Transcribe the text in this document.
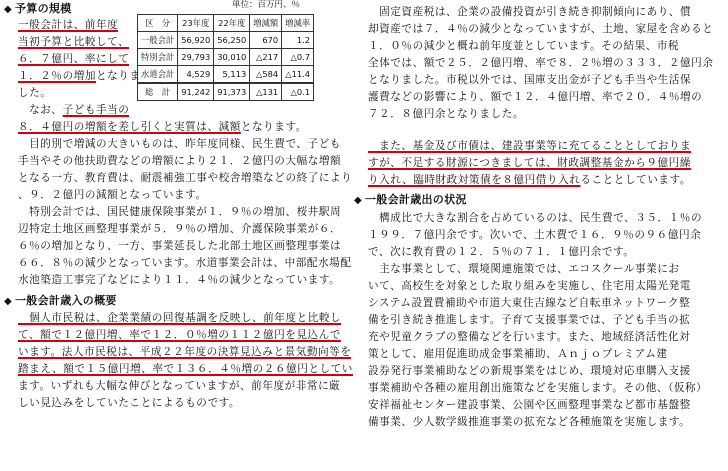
◆ 予算の規模	単位：百万円、％
区　分	23年度	22年度	増減額	増減率
一般会計	56,920	56,250	670	1.2
特別会計	29,793	30,010	△217	△0.7
水道会計	4,529	5,113	△584	△11.4
総　計	91,242	91,373	△131	△0.1
一般会計は、前年度
当初予算と比較して、
６．７億円、率にして
１．２％の増加となりま
した。
　なお、子ども手当の
８．４億円の増額を差し引くと実質は、減額となります。
　目的別で増減の大きいものは、昨年度同様、民生費で、子ども
手当やその他扶助費などの増額により２１．２億円の大幅な増額
となる一方、教育費は、耐震補強工事や校舎増築などの終了により
、９．２億円の減額となっています。
　特別会計では、国民健康保険事業が１．９％の増加、桜井駅周
辺特定土地区画整理事業が５．９％の増加、介護保険事業が６．
６％の増加となり、一方、事業延長した北部土地区画整理事業は
６６．８％の減少となっています。水道事業会計は、中部配水場配
水池築造工事完了などにより１１．４％の減少となっています。
◆ 一般会計歳入の概要
　個人市民税は、企業業績の回復基調を反映し、前年度と比較し
て、額で１２億円増、率で１２．０％増の１１２億円を見込んで
います。法人市民税は、平成２２年度の決算見込みと景気動向等を
踏まえ、額で１５億円増、率で１３６．４％増の２６億円としてい
ます。いずれも大幅な伸びとなっていますが、前年度が非常に厳
しい見込みをしていたことによるものです。
　固定資産税は、企業の設備投資が引き続き抑制傾向にあり、償
却資産では７．４％の減少となっていますが、土地、家屋を含めると
１．０％の減少と概ね前年度並としています。その結果、市税
全体では、額で２５．２億円増、率で８．２％増の３３３．２億円余
となりました。市税以外では、国庫支出金が子ども手当や生活保
護費などの影響により、額で１２．４億円増、率で２０．４％増の
７２．８億円余となりました。
　また、基金及び市債は、建設事業等に充てることとしておりま
すが、不足する財源につきましては、財政調整基金から９億円繰
り入れ、臨時財政対策債を８億円借り入れることとしています。
◆ 一般会計歳出の状況
　構成比で大きな割合を占めているのは、民生費で、３５．１％の
１９９．７億円余です。次いで、土木費で１６．９％の９６億円余
で、次に教育費の１２．５％の７１．１億円余です。
　主な事業として、環境関連施策では、エコスクール事業にお
いて、高校生を対象とした取り組みを実施し、住宅用太陽光発電
システム設置費補助や市道大東住吉線など自転車ネットワーク整
備を引き続き推進します。子育て支援事業では、子ども手当の拡
充や児童クラブの整備などを行います。また、地域経済活性化対
策として、雇用促進助成金事業補助、Ａｎｊｏプレミアム建
設券発行事業補助などの新規事業をはじめ、環境対応車購入支援
事業補助や各種の雇用創出施策などを実施します。その他、（仮称）
安祥福祉センター建設事業、公園や区画整理事業など都市基盤整
備事業、少人数学級推進事業の拡充など各種施策を実施します。
